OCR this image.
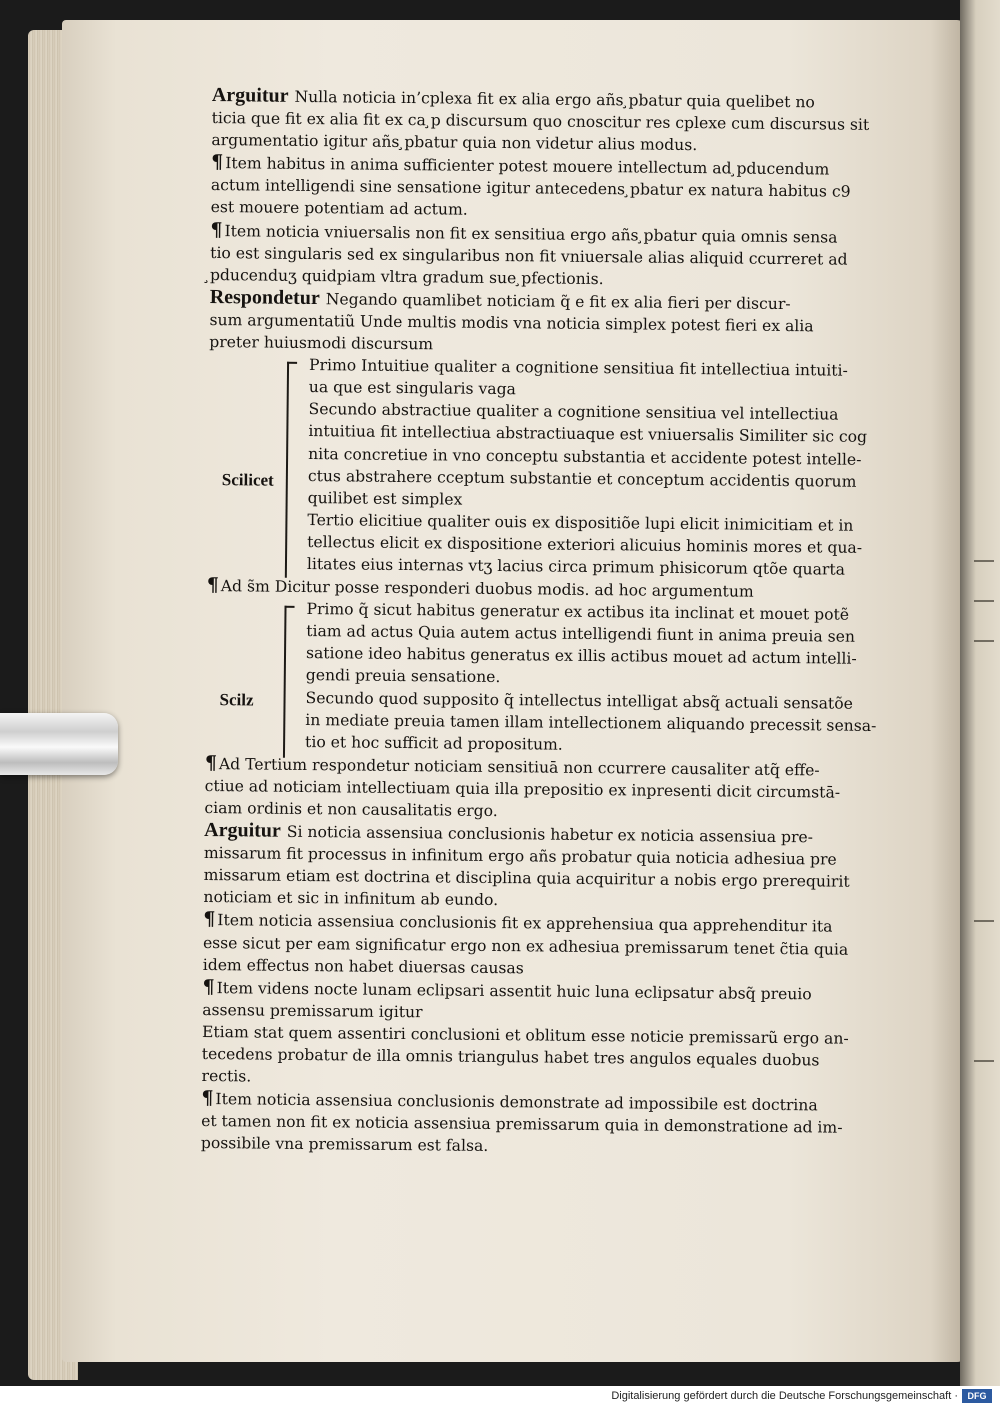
Arguitur Nulla noticia in’cplexa fit ex alia ergo añs ̧pbatur quia quelibet no
ticia que fit ex alia fit ex ca ̧p discursum quo cnoscitur res cplexe cum discursus sit
argumentatio igitur añs ̧pbatur quia non videtur alius modus.
¶ Item habitus in anima sufficienter potest mouere intellectum ad ̧pducendum
actum intelligendi sine sensatione igitur antecedens ̧pbatur ex natura habitus c9
est mouere potentiam ad actum.
¶ Item noticia vniuersalis non fit ex sensitiua ergo añs ̧pbatur quia omnis sensa
tio est singularis sed ex singularibus non fit vniuersale alias aliquid ccurreret ad
̧pducenduʒ quidpiam vltra gradum sue ̧pfectionis.
Respondetur Negando quamlibet noticiam q̃ e fit ex alia fieri per discur-
sum argumentatiũ Unde multis modis vna noticia simplex potest fieri ex alia
preter huiusmodi discursum
Scilicet
Primo Intuitiue qualiter a cognitione sensitiua fit intellectiua intuiti-
ua que est singularis vaga
Secundo abstractiue qualiter a cognitione sensitiua vel intellectiua
intuitiua fit intellectiua abstractiuaque est vniuersalis Similiter sic cog
nita concretiue in vno conceptu substantia et accidente potest intelle-
ctus abstrahere cceptum substantie et conceptum accidentis quorum
quilibet est simplex
Tertio elicitiue qualiter ouis ex dispositiõe lupi elicit inimicitiam et in
tellectus elicit ex dispositione exteriori alicuius hominis mores et qua-
litates eius internas vtʒ lacius circa primum phisicorum qtõe quarta
¶ Ad s̃m Dicitur posse responderi duobus modis. ad hoc argumentum
Scilz
Primo q̃ sicut habitus generatur ex actibus ita inclinat et mouet potẽ
tiam ad actus Quia autem actus intelligendi fiunt in anima preuia sen
satione ideo habitus generatus ex illis actibus mouet ad actum intelli-
gendi preuia sensatione.
Secundo quod supposito q̃ intellectus intelligat absq̃ actuali sensatõe
in mediate preuia tamen illam intellectionem aliquando precessit sensa-
tio et hoc sufficit ad propositum.
¶ Ad Tertium respondetur noticiam sensitiuā non ccurrere causaliter atq̃ effe-
ctiue ad noticiam intellectiuam quia illa prepositio ex inpresenti dicit circumstā-
ciam ordinis et non causalitatis ergo.
Arguitur Si noticia assensiua conclusionis habetur ex noticia assensiua pre-
missarum fit processus in infinitum ergo añs probatur quia noticia adhesiua pre
missarum etiam est doctrina et disciplina quia acquiritur a nobis ergo prerequirit
noticiam et sic in infinitum ab eundo.
¶ Item noticia assensiua conclusionis fit ex apprehensiua qua apprehenditur ita
esse sicut per eam significatur ergo non ex adhesiua premissarum tenet c̃tia quia
idem effectus non habet diuersas causas
¶ Item videns nocte lunam eclipsari assentit huic luna eclipsatur absq̃ preuio
assensu premissarum igitur
Etiam stat quem assentiri conclusioni et oblitum esse noticie premissarũ ergo an-
tecedens probatur de illa omnis triangulus habet tres angulos equales duobus
rectis.
¶ Item noticia assensiua conclusionis demonstrate ad impossibile est doctrina
et tamen non fit ex noticia assensiua premissarum quia in demonstratione ad im-
possibile vna premissarum est falsa.
Digitalisierung gefördert durch die Deutsche Forschungsgemeinschaft ·	DFG
